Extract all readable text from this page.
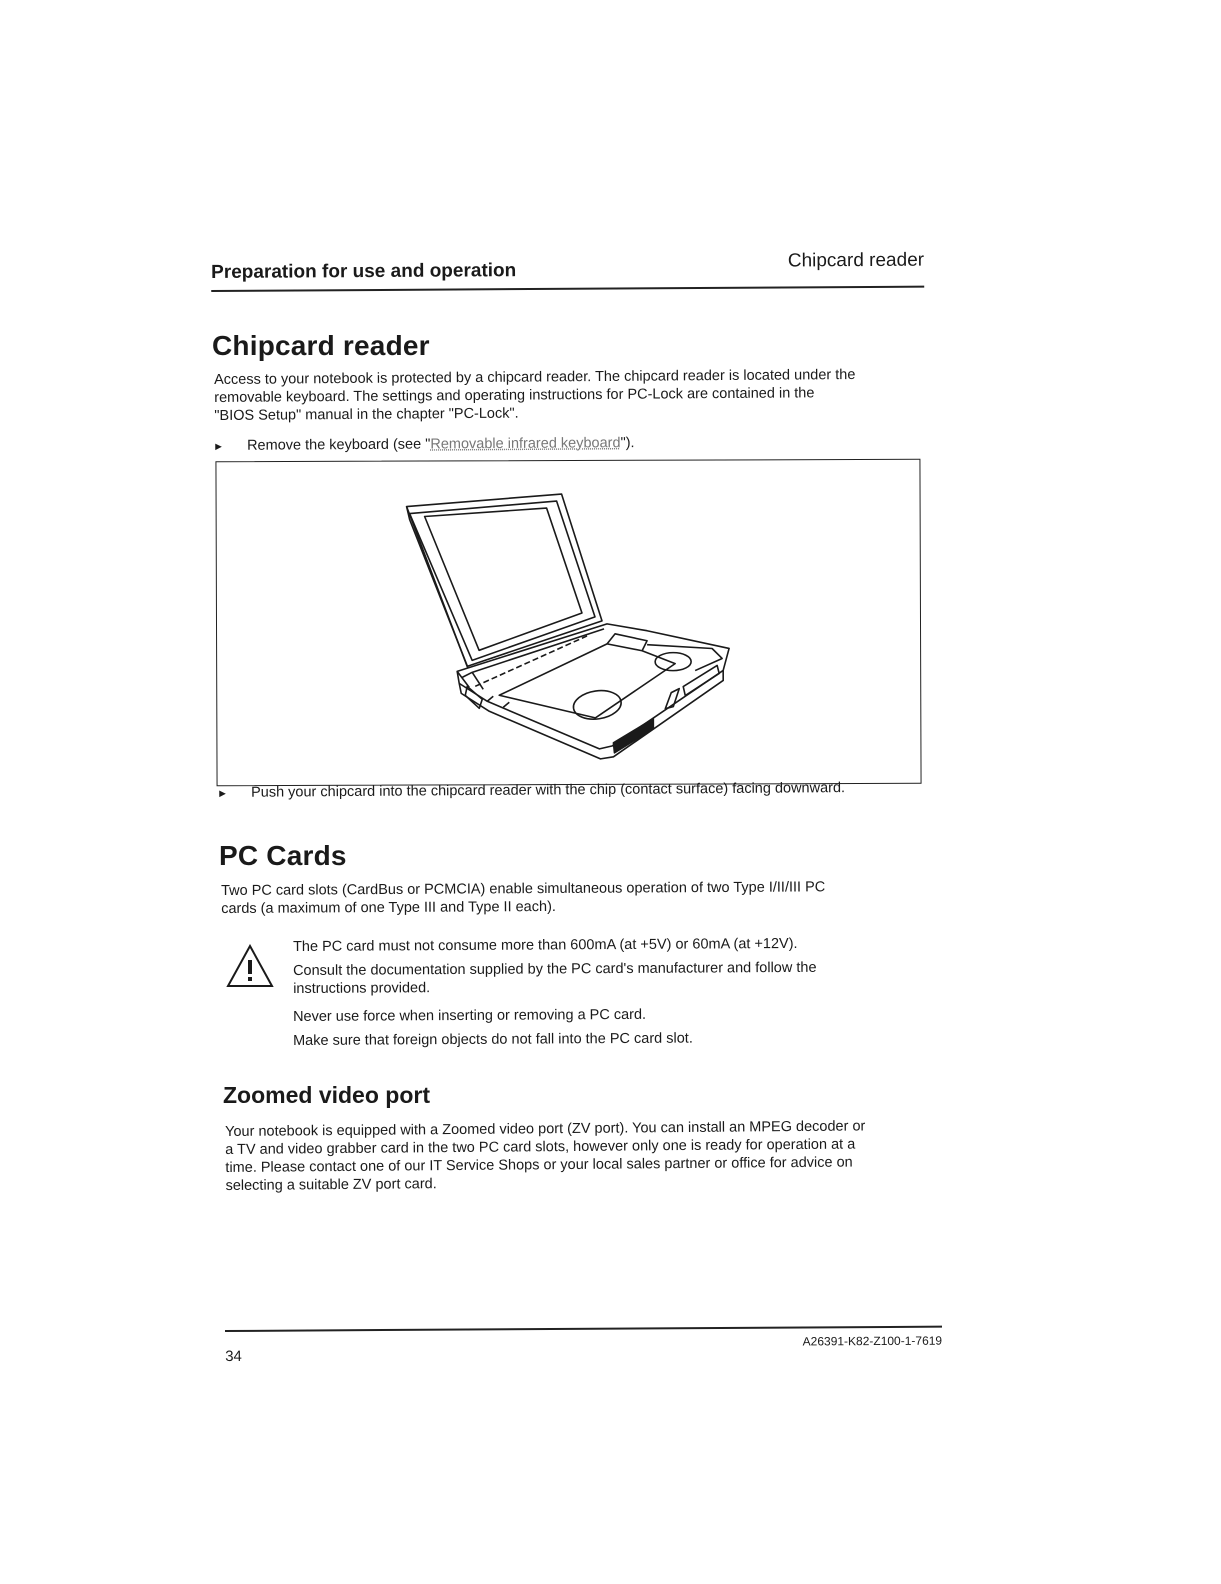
Preparation for use and operation	Chipcard reader
Chipcard reader
Access to your notebook is protected by a chipcard reader. The chipcard reader is located under the
removable keyboard. The settings and operating instructions for PC-Lock are contained in the
"BIOS Setup" manual in the chapter "PC-Lock".
► Remove the keyboard (see "Removable infrared keyboard").
► Push your chipcard into the chipcard reader with the chip (contact surface) facing downward.
PC Cards
Two PC card slots (CardBus or PCMCIA) enable simultaneous operation of two Type I/II/III PC
cards (a maximum of one Type III and Type II each).
The PC card must not consume more than 600mA (at +5V) or 60mA (at +12V).
Consult the documentation supplied by the PC card's manufacturer and follow the
instructions provided.
Never use force when inserting or removing a PC card.
Make sure that foreign objects do not fall into the PC card slot.
Zoomed video port
Your notebook is equipped with a Zoomed video port (ZV port). You can install an MPEG decoder or
a TV and video grabber card in the two PC card slots, however only one is ready for operation at a
time. Please contact one of our IT Service Shops or your local sales partner or office for advice on
selecting a suitable ZV port card.
34
A26391-K82-Z100-1-7619
